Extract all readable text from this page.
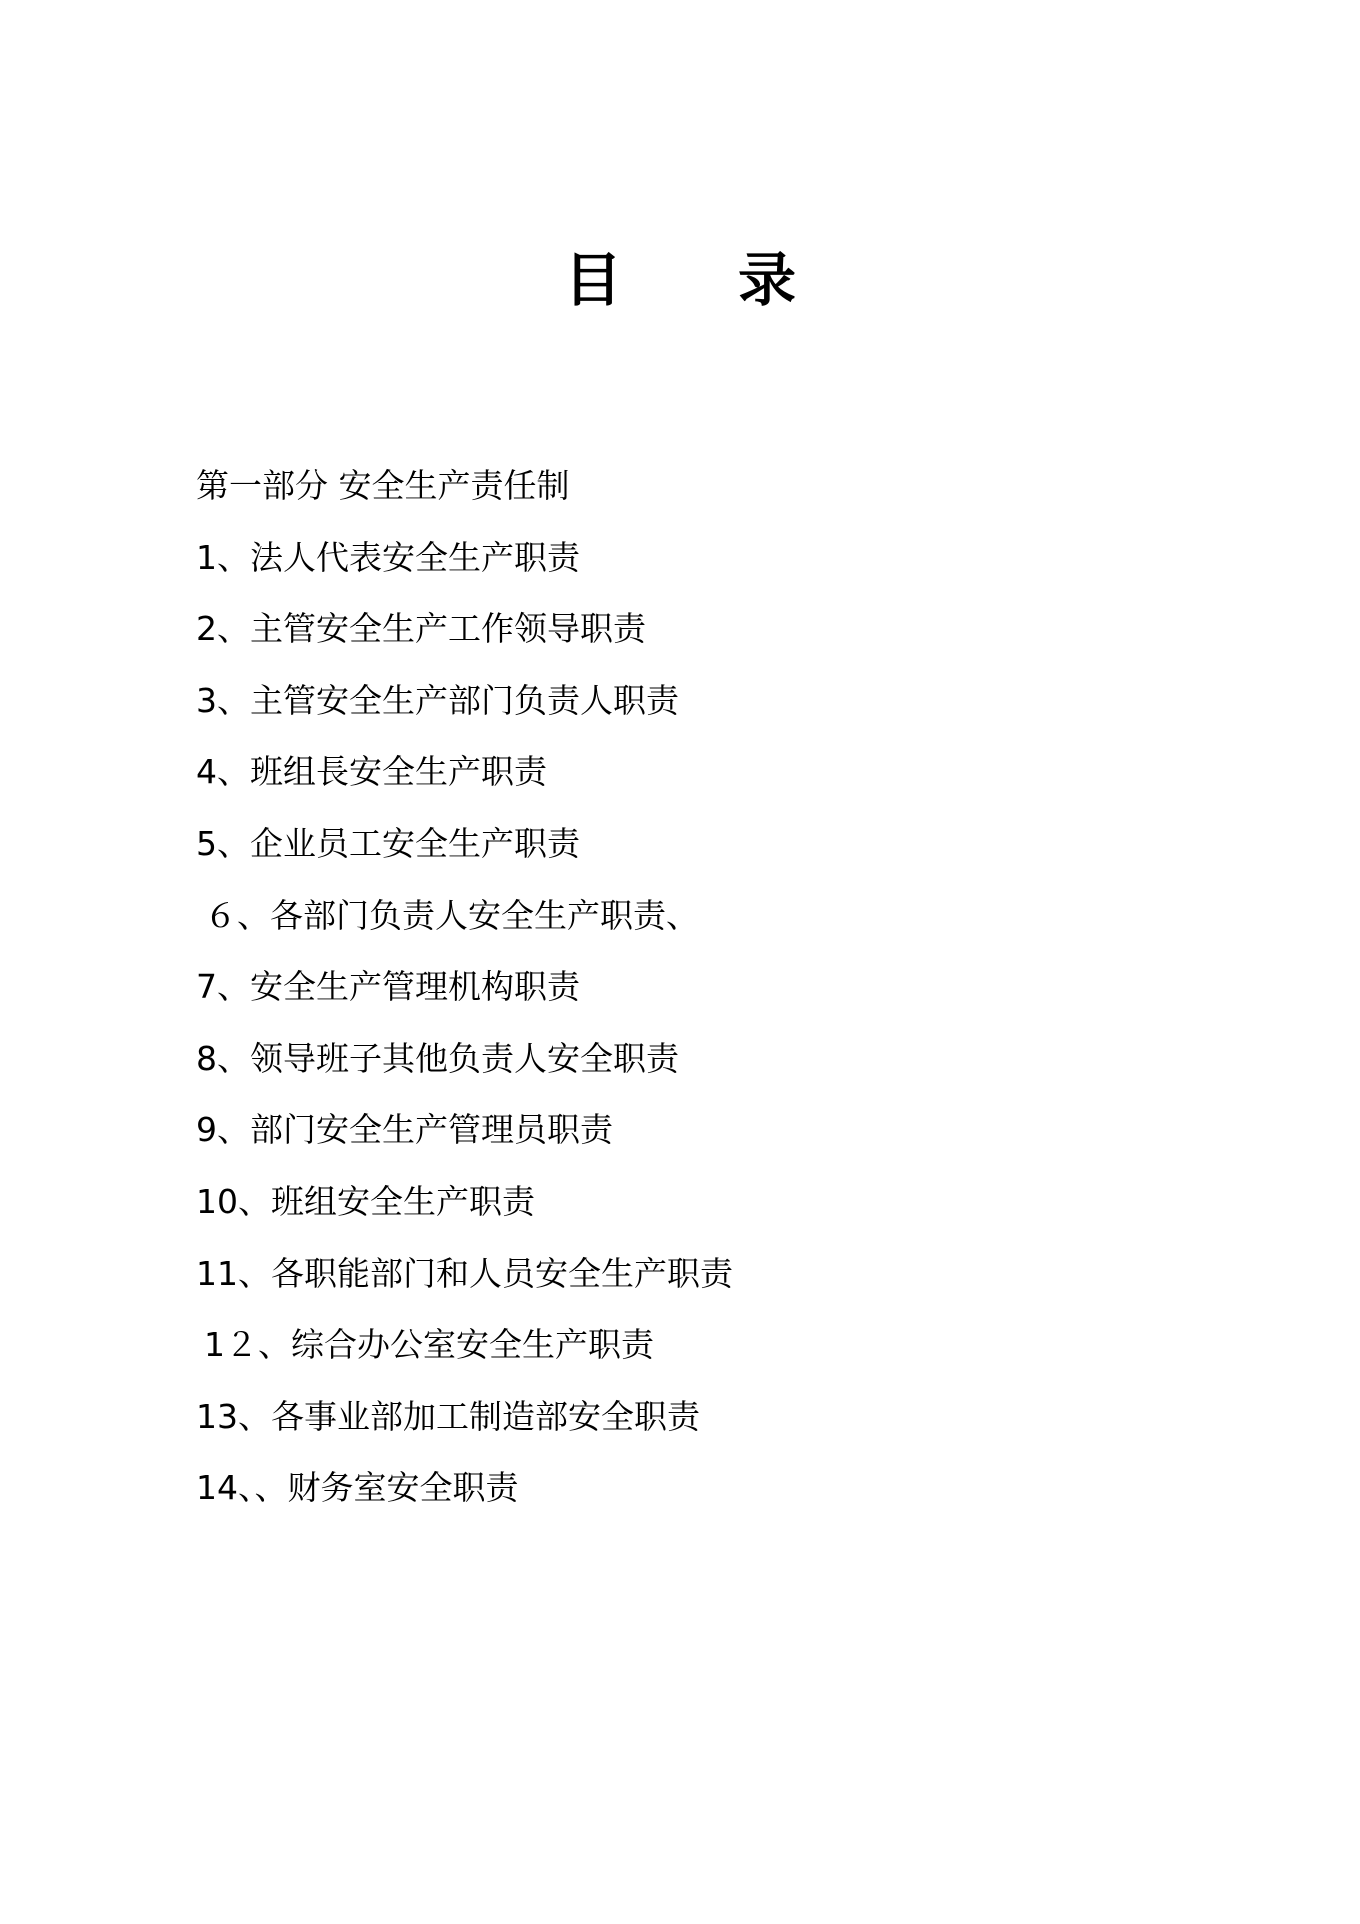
目　　录
第一部分 安全生产责任制
1、法人代表安全生产职责
2、主管安全生产工作领导职责
3、主管安全生产部门负责人职责
4、班组長安全生产职责
5、企业员工安全生产职责
６、各部门负责人安全生产职责、
7、安全生产管理机构职责
8、领导班子其他负责人安全职责
9、部门安全生产管理员职责
10、班组安全生产职责
11、各职能部门和人员安全生产职责
1２、综合办公室安全生产职责
13、各事业部加工制造部安全职责
14、、财务室安全职责
